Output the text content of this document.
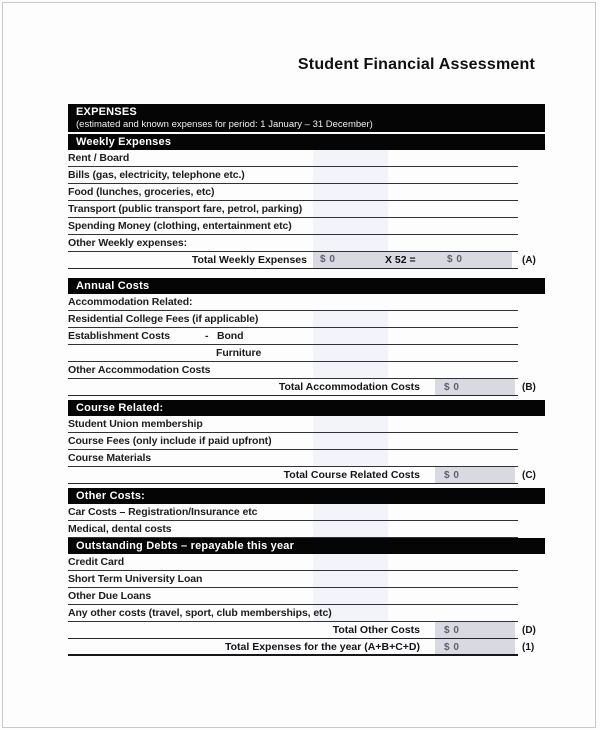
Student Financial Assessment
EXPENSES
(estimated and known expenses for period: 1 January – 31 December)
Weekly Expenses
Rent / Board
Bills (gas, electricity, telephone etc.)
Food (lunches, groceries, etc)
Transport (public transport fare, petrol, parking)
Spending Money (clothing, entertainment etc)
Other Weekly expenses:
Total Weekly Expenses	$ 0	X 52 =	$ 0	(A)
Annual Costs
Accommodation Related:
Residential College Fees (if applicable)
Establishment Costs	- Bond
Furniture
Other Accommodation Costs
Total Accommodation Costs	$ 0	(B)
Course Related:
Student Union membership
Course Fees (only include if paid upfront)
Course Materials
Total Course Related Costs	$ 0	(C)
Other Costs:
Car Costs – Registration/Insurance etc
Medical, dental costs
Outstanding Debts – repayable this year
Credit Card
Short Term University Loan
Other Due Loans
Any other costs (travel, sport, club memberships, etc)
Total Other Costs	$ 0	(D)
Total Expenses for the year (A+B+C+D)	$ 0	(1)
